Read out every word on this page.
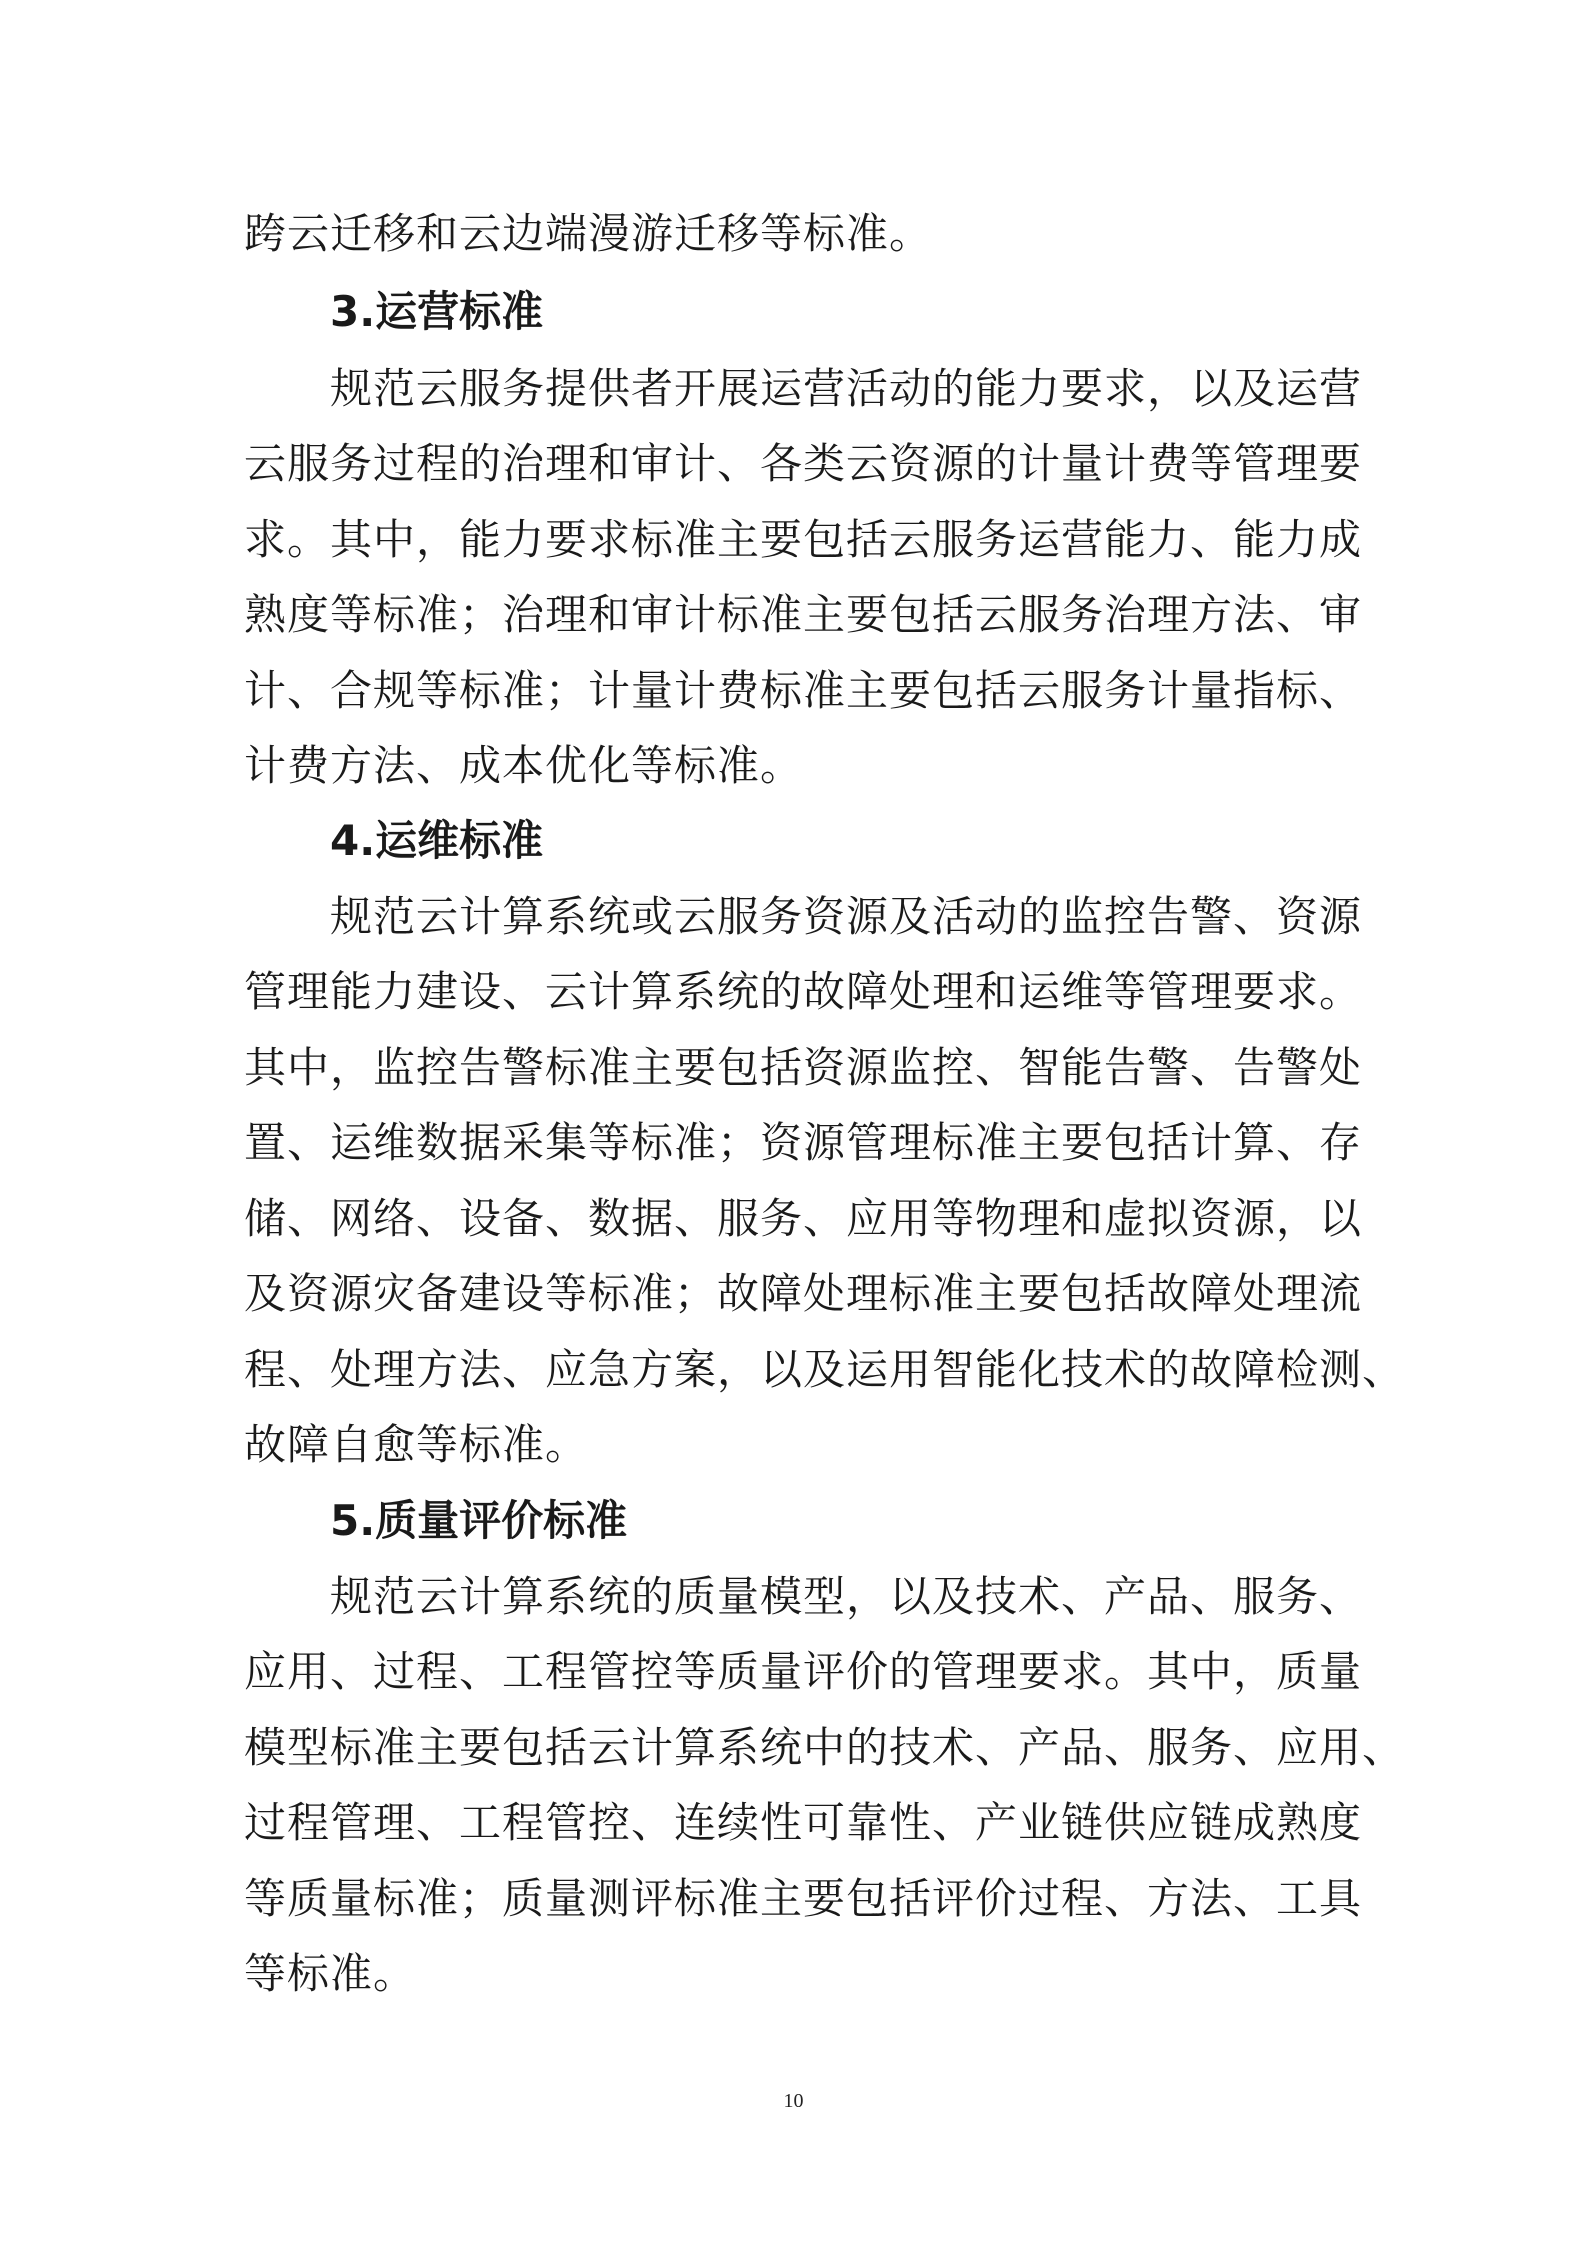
跨云迁移和云边端漫游迁移等标准。
3.运营标准
规范云服务提供者开展运营活动的能力要求，以及运营
云服务过程的治理和审计、各类云资源的计量计费等管理要
求。其中，能力要求标准主要包括云服务运营能力、能力成
熟度等标准；治理和审计标准主要包括云服务治理方法、审
计、合规等标准；计量计费标准主要包括云服务计量指标、
计费方法、成本优化等标准。
4.运维标准
规范云计算系统或云服务资源及活动的监控告警、资源
管理能力建设、云计算系统的故障处理和运维等管理要求。
其中，监控告警标准主要包括资源监控、智能告警、告警处
置、运维数据采集等标准；资源管理标准主要包括计算、存
储、网络、设备、数据、服务、应用等物理和虚拟资源，以
及资源灾备建设等标准；故障处理标准主要包括故障处理流
程、处理方法、应急方案，以及运用智能化技术的故障检测、
故障自愈等标准。
5.质量评价标准
规范云计算系统的质量模型，以及技术、产品、服务、
应用、过程、工程管控等质量评价的管理要求。其中，质量
模型标准主要包括云计算系统中的技术、产品、服务、应用、
过程管理、工程管控、连续性可靠性、产业链供应链成熟度
等质量标准；质量测评标准主要包括评价过程、方法、工具
等标准。
10
